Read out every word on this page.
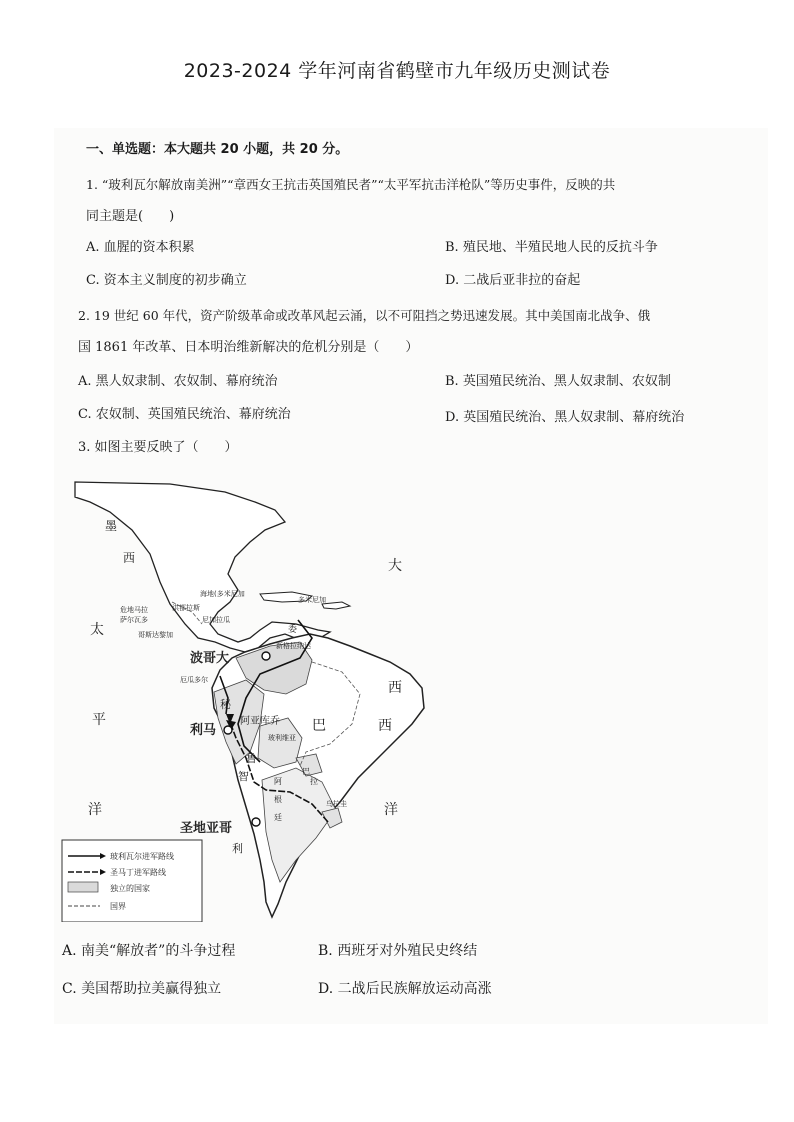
2023-2024 学年河南省鹤壁市九年级历史测试卷
一、单选题：本大题共 20 小题，共 20 分。
1. “玻利瓦尔解放南美洲”“章西女王抗击英国殖民者”“太平军抗击洋枪队”等历史事件，反映的共
同主题是(　　)
A. 血腥的资本积累	B. 殖民地、半殖民地人民的反抗斗争
C. 资本主义制度的初步确立	D. 二战后亚非拉的奋起
2. 19 世纪 60 年代，资产阶级革命或改革风起云涌，以不可阻挡之势迅速发展。其中美国南北战争、俄
国 1861 年改革、日本明治维新解决的危机分别是（　　）
A. 黑人奴隶制、农奴制、幕府统治	B. 英国殖民统治、黑人奴隶制、农奴制
C. 农奴制、英国殖民统治、幕府统治	D. 英国殖民统治、黑人奴隶制、幕府统治
3. 如图主要反映了（　　）
墨
西
太
平
洋
大
西
洋
海地(多米尼加
多米尼加
危地马拉
萨尔瓦多
洪都拉斯
尼加拉瓜
哥斯达黎加
波哥大
新格拉纳达
委
厄瓜多尔
秘
鲁
利马
阿亚库乔 巴	西
玻利维亚
巴
拉
智
利
阿
根
廷
乌拉圭
圣地亚哥
玻利瓦尔进军路线
圣马丁进军路线
独立的国家
国界
A. 南美“解放者”的斗争过程	B. 西班牙对外殖民史终结
C. 美国帮助拉美赢得独立	D. 二战后民族解放运动高涨
